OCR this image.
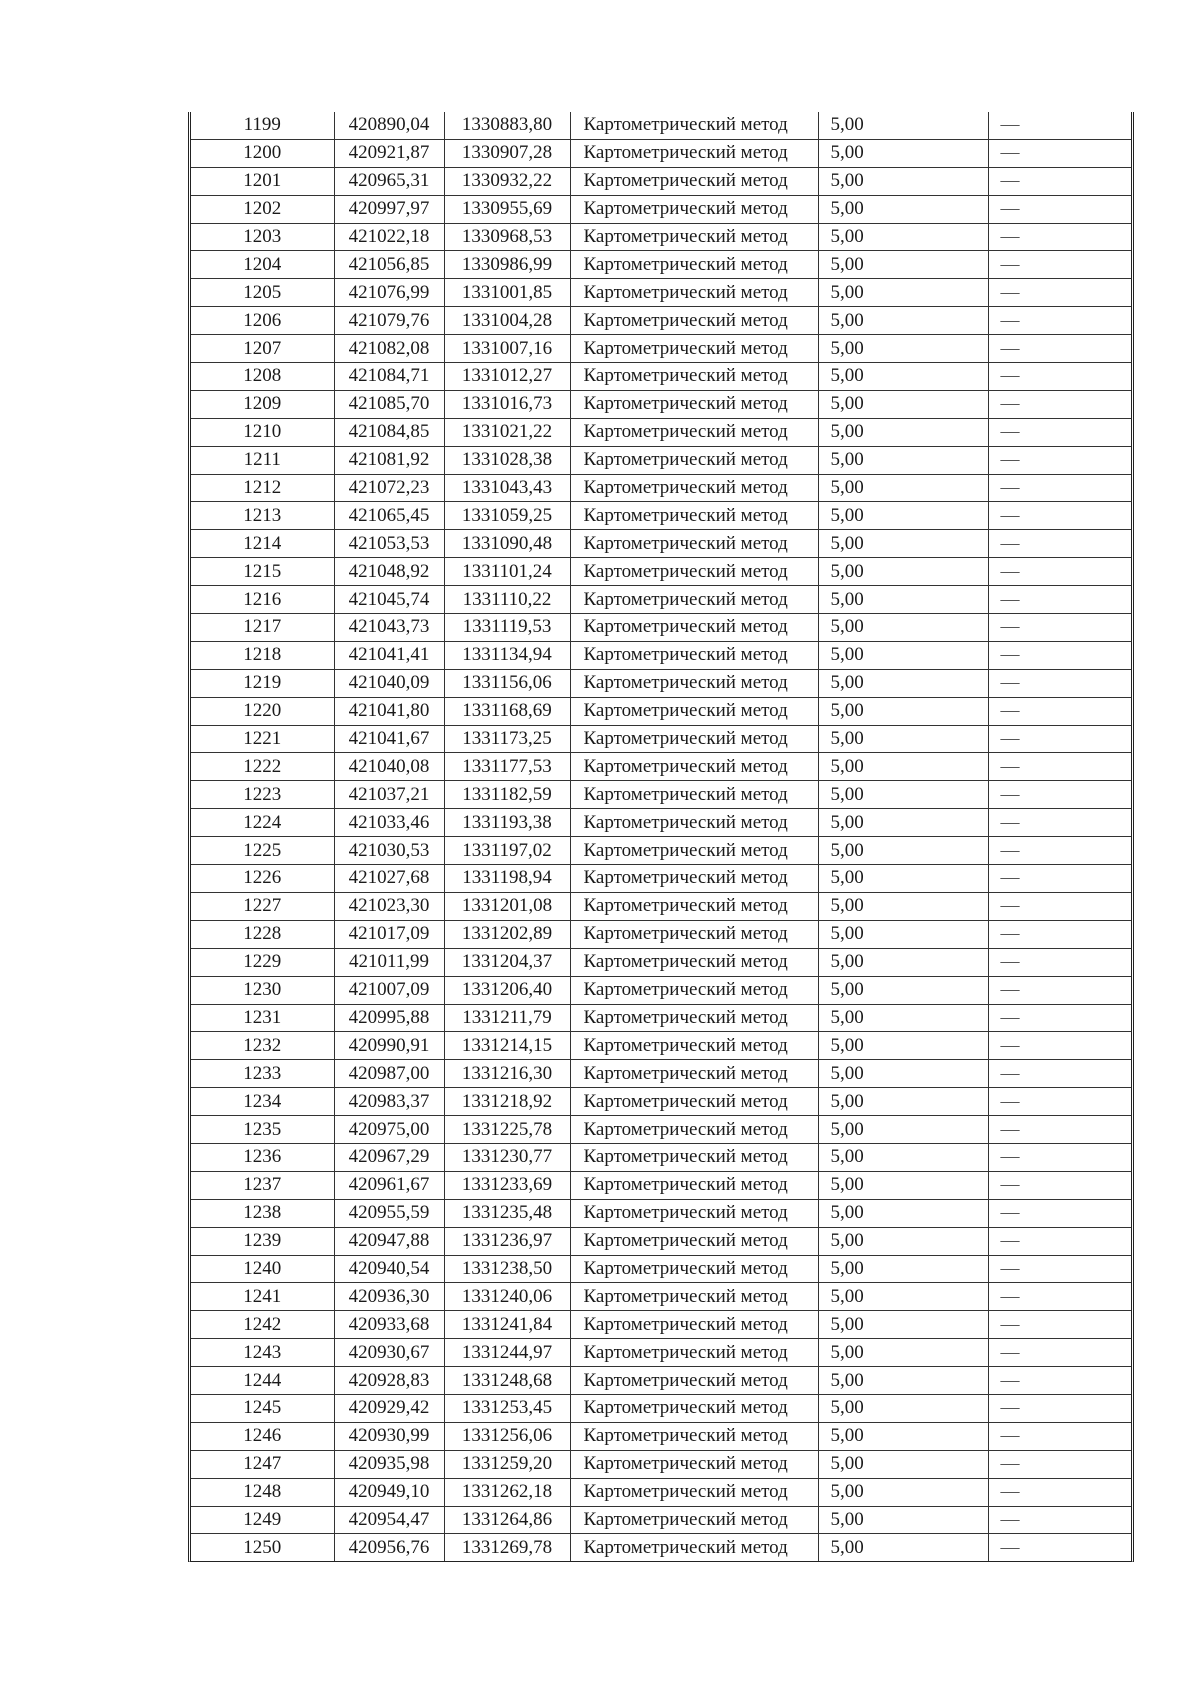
1199	420890,04	1330883,80	Картометрический метод	5,00	—
1200	420921,87	1330907,28	Картометрический метод	5,00	—
1201	420965,31	1330932,22	Картометрический метод	5,00	—
1202	420997,97	1330955,69	Картометрический метод	5,00	—
1203	421022,18	1330968,53	Картометрический метод	5,00	—
1204	421056,85	1330986,99	Картометрический метод	5,00	—
1205	421076,99	1331001,85	Картометрический метод	5,00	—
1206	421079,76	1331004,28	Картометрический метод	5,00	—
1207	421082,08	1331007,16	Картометрический метод	5,00	—
1208	421084,71	1331012,27	Картометрический метод	5,00	—
1209	421085,70	1331016,73	Картометрический метод	5,00	—
1210	421084,85	1331021,22	Картометрический метод	5,00	—
1211	421081,92	1331028,38	Картометрический метод	5,00	—
1212	421072,23	1331043,43	Картометрический метод	5,00	—
1213	421065,45	1331059,25	Картометрический метод	5,00	—
1214	421053,53	1331090,48	Картометрический метод	5,00	—
1215	421048,92	1331101,24	Картометрический метод	5,00	—
1216	421045,74	1331110,22	Картометрический метод	5,00	—
1217	421043,73	1331119,53	Картометрический метод	5,00	—
1218	421041,41	1331134,94	Картометрический метод	5,00	—
1219	421040,09	1331156,06	Картометрический метод	5,00	—
1220	421041,80	1331168,69	Картометрический метод	5,00	—
1221	421041,67	1331173,25	Картометрический метод	5,00	—
1222	421040,08	1331177,53	Картометрический метод	5,00	—
1223	421037,21	1331182,59	Картометрический метод	5,00	—
1224	421033,46	1331193,38	Картометрический метод	5,00	—
1225	421030,53	1331197,02	Картометрический метод	5,00	—
1226	421027,68	1331198,94	Картометрический метод	5,00	—
1227	421023,30	1331201,08	Картометрический метод	5,00	—
1228	421017,09	1331202,89	Картометрический метод	5,00	—
1229	421011,99	1331204,37	Картометрический метод	5,00	—
1230	421007,09	1331206,40	Картометрический метод	5,00	—
1231	420995,88	1331211,79	Картометрический метод	5,00	—
1232	420990,91	1331214,15	Картометрический метод	5,00	—
1233	420987,00	1331216,30	Картометрический метод	5,00	—
1234	420983,37	1331218,92	Картометрический метод	5,00	—
1235	420975,00	1331225,78	Картометрический метод	5,00	—
1236	420967,29	1331230,77	Картометрический метод	5,00	—
1237	420961,67	1331233,69	Картометрический метод	5,00	—
1238	420955,59	1331235,48	Картометрический метод	5,00	—
1239	420947,88	1331236,97	Картометрический метод	5,00	—
1240	420940,54	1331238,50	Картометрический метод	5,00	—
1241	420936,30	1331240,06	Картометрический метод	5,00	—
1242	420933,68	1331241,84	Картометрический метод	5,00	—
1243	420930,67	1331244,97	Картометрический метод	5,00	—
1244	420928,83	1331248,68	Картометрический метод	5,00	—
1245	420929,42	1331253,45	Картометрический метод	5,00	—
1246	420930,99	1331256,06	Картометрический метод	5,00	—
1247	420935,98	1331259,20	Картометрический метод	5,00	—
1248	420949,10	1331262,18	Картометрический метод	5,00	—
1249	420954,47	1331264,86	Картометрический метод	5,00	—
1250	420956,76	1331269,78	Картометрический метод	5,00	—
